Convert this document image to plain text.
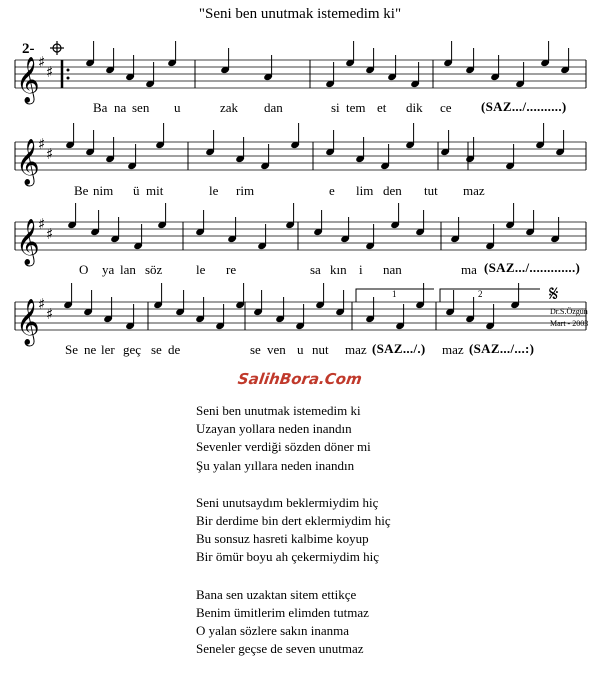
"Seni ben unutmak istemedim ki"
𝄞
𝄞
𝄞
𝄞
♯
♯
♯
♯
♯
♯
♯
♯
2-
𝄋
1	2
Ba na sen u	zak dan	si tem et dik ce (SAZ.../..........)
Be nim ü mit	le rim	e lim den tut maz
O ya lan söz	le re	sa kın i nan	ma (SAZ.../.............)
Se ne ler geç se de	se ven u nut maz (SAZ.../.) maz (SAZ.../...:)
Dr.S.Özgün
Mart - 2003
SalihBora.Com
Seni ben unutmak istemedim ki
Uzayan yollara neden inandın
Sevenler verdiği sözden döner mi
Şu yalan yıllara neden inandın
Seni unutsaydım beklermiydim hiç
Bir derdime bin dert eklermiydim hiç
Bu sonsuz hasreti kalbime koyup
Bir ömür boyu ah çekermiydim hiç
Bana sen uzaktan sitem ettikçe
Benim ümitlerim elimden tutmaz
O yalan sözlere sakın inanma
Seneler geçse de seven unutmaz
